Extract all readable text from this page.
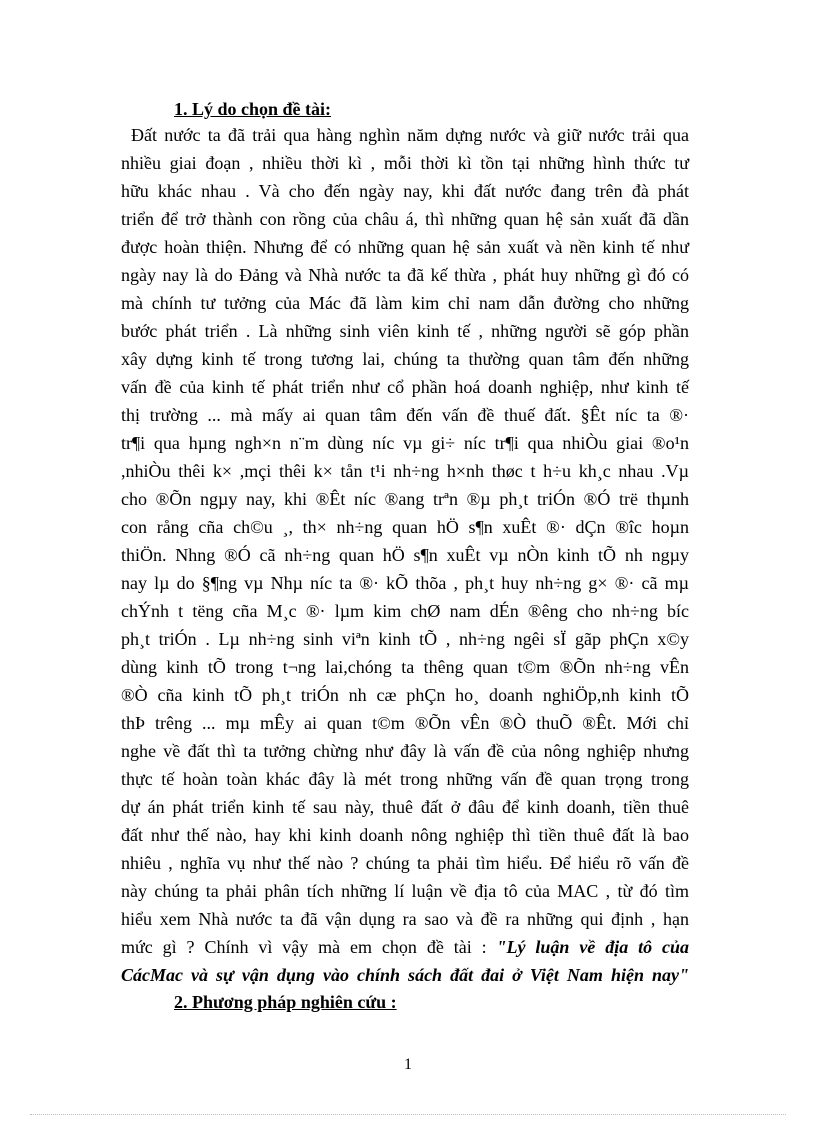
1. Lý do chọn đề tài:
Đất nước ta đã trải qua hàng nghìn năm dựng nước và giữ nước trải qua
nhiều giai đoạn , nhiều thời kì , mỗi thời kì tồn tại những hình thức tư
hữu khác nhau . Và cho đến ngày nay, khi đất nước đang trên đà phát
triển để trở thành con rồng của châu á, thì những quan hệ sản xuất đã dần
được hoàn thiện. Nhưng để có những quan hệ sản xuất và nền kinh tế như
ngày nay là do Đảng và Nhà nước ta đã kế thừa , phát huy những gì đó có
mà chính tư tưởng của Mác đã làm kim chỉ nam dẫn đường cho những
bước phát triển . Là những sinh viên kinh tế , những người sẽ góp phần
xây dựng kinh tế trong tương lai, chúng ta thường quan tâm đến những
vấn đề của kinh tế phát triển như cổ phần hoá doanh nghiệp, như kinh tế
thị trường ... mà mấy ai quan tâm đến vấn đề thuế đất. §Êt níc ta ®·
tr¶i qua hµng ngh×n n¨m dùng níc vµ gi÷ níc tr¶i qua nhiÒu giai ®o¹n
,nhiÒu thêi k× ,mçi thêi k× tån t¹i nh÷ng h×nh thøc t h÷u kh¸c nhau .Vµ
cho ®Õn ngµy nay, khi ®Êt níc ®ang trªn ®µ ph¸t triÓn ®Ó trë thµnh
con rång cña ch©u ¸, th× nh÷ng quan hÖ s¶n xuÊt ®· dÇn ®îc hoµn
thiÖn. Nhng ®Ó cã nh÷ng quan hÖ s¶n xuÊt vµ nÒn kinh tÕ nh ngµy
nay lµ do §¶ng vµ Nhµ níc ta ®· kÕ thõa , ph¸t huy nh÷ng g× ®· cã mµ
chÝnh t tëng cña M¸c ®· lµm kim chØ nam dÉn ®êng cho nh÷ng bíc
ph¸t triÓn . Lµ nh÷ng sinh viªn kinh tÕ , nh÷ng ngêi sÏ gãp phÇn x©y
dùng kinh tÕ trong t¬ng lai,chóng ta thêng quan t©m ®Õn nh÷ng vÊn
®Ò cña kinh tÕ ph¸t triÓn nh cæ phÇn ho¸ doanh nghiÖp,nh kinh tÕ
thÞ trêng ... mµ mÊy ai quan t©m ®Õn vÊn ®Ò thuÕ ®Êt. Mới chỉ
nghe về đất thì ta tưởng chừng như đây là vấn đề của nông nghiệp nhưng
thực tế hoàn toàn khác đây là mét trong những vấn đề quan trọng trong
dự án phát triển kinh tế sau này, thuê đất ở đâu để kinh doanh, tiền thuê
đất như thế nào, hay khi kinh doanh nông nghiệp thì tiền thuê đất là bao
nhiêu , nghĩa vụ như thế nào ? chúng ta phải tìm hiểu. Để hiểu rõ vấn đề
này chúng ta phải phân tích những lí luận về địa tô của MAC , từ đó tìm
hiểu xem Nhà nước ta đã vận dụng ra sao và đề ra những qui định , hạn
mức gì ? Chính vì vậy mà em chọn đề tài : "Lý luận về địa tô của
CácMac và sự vận dụng vào chính sách đất đai ở Việt Nam hiện nay"
2. Phương pháp nghiên cứu :
1
